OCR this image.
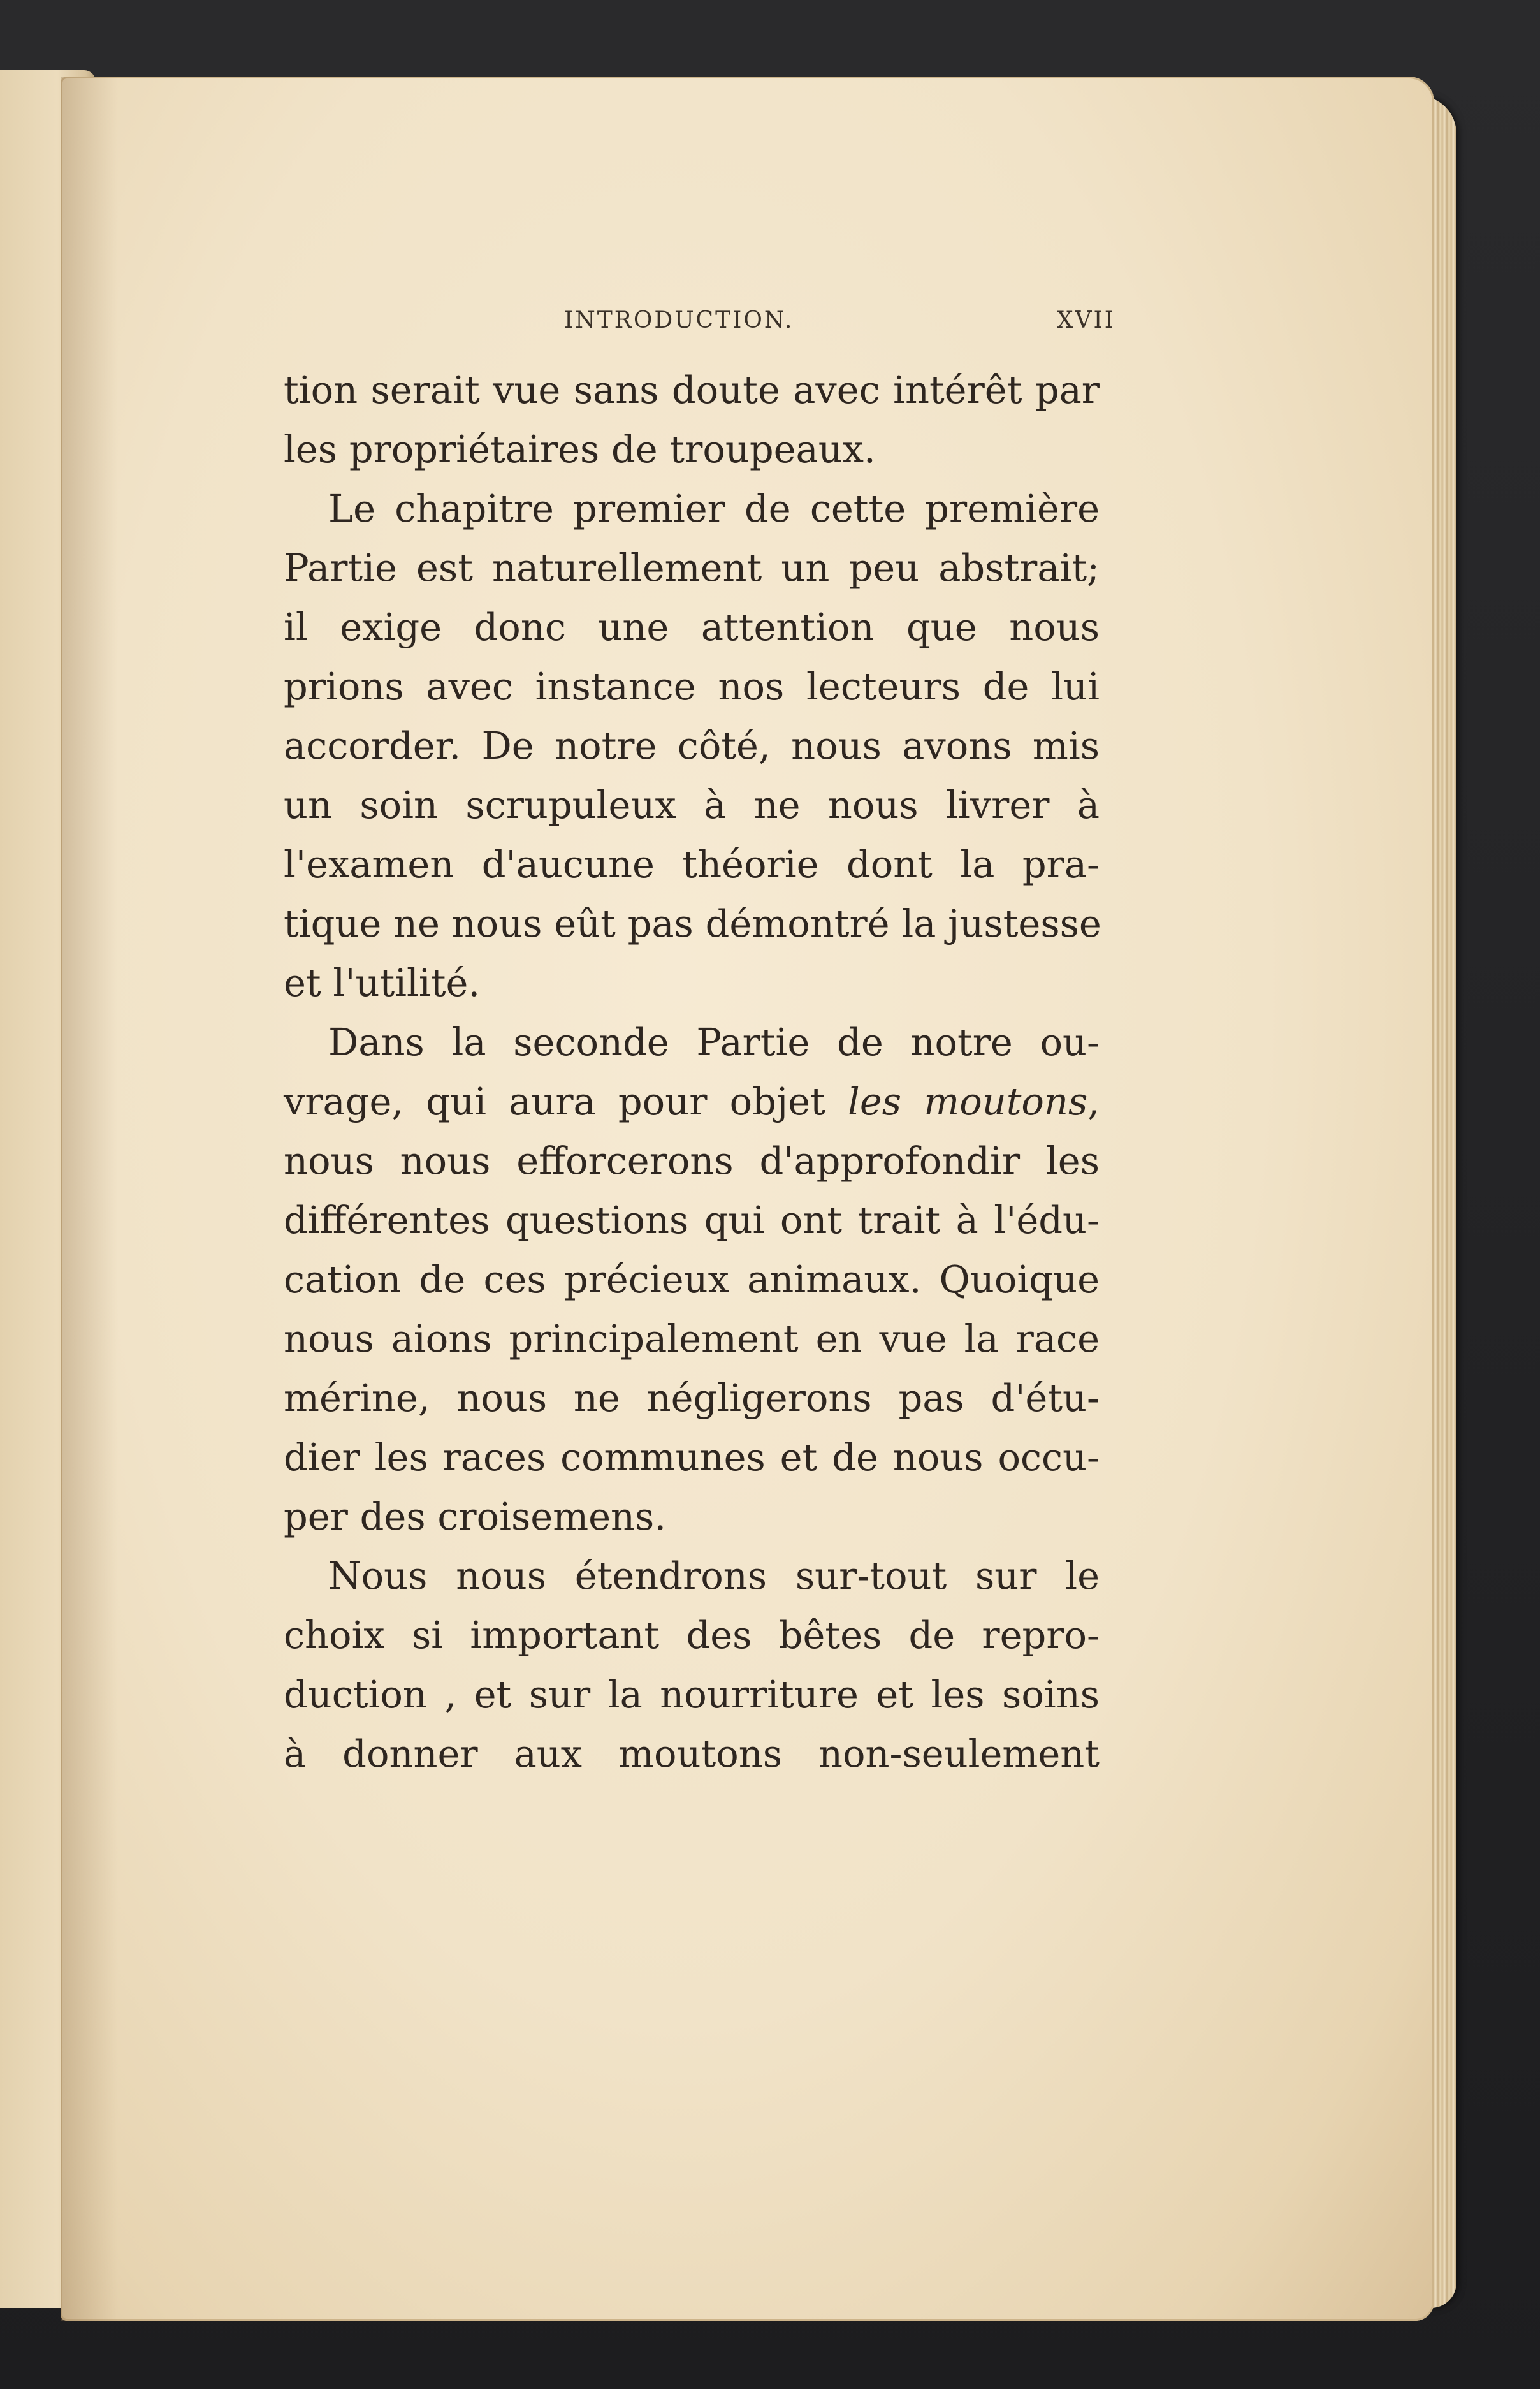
INTRODUCTION.	XVII
tion serait vue sans doute avec intérêt par
les propriétaires de troupeaux.
Le chapitre premier de cette première
Partie est naturellement un peu abstrait;
il exige donc une attention que nous
prions avec instance nos lecteurs de lui
accorder. De notre côté, nous avons mis
un soin scrupuleux à ne nous livrer à
l'examen d'aucune théorie dont la pra-
tique ne nous eût pas démontré la justesse
et l'utilité.
Dans la seconde Partie de notre ou-
vrage, qui aura pour objet les moutons,
nous nous efforcerons d'approfondir les
différentes questions qui ont trait à l'édu-
cation de ces précieux animaux. Quoique
nous aions principalement en vue la race
mérine, nous ne négligerons pas d'étu-
dier les races communes et de nous occu-
per des croisemens.
Nous nous étendrons sur-tout sur le
choix si important des bêtes de repro-
duction , et sur la nourriture et les soins
à donner aux moutons non-seulement
